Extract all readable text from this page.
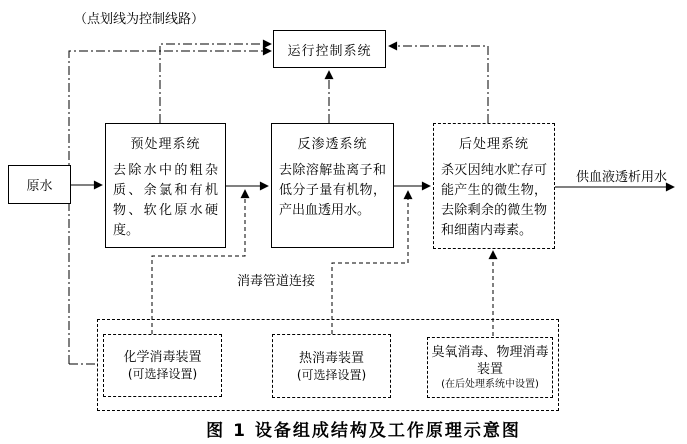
（点划线为控制线路）
运行控制系统
原水
预处理系统
去除水中的粗杂质、余氯和有机物、软化原水硬度。
反渗透系统
去除溶解盐离子和低分子量有机物，产出血透用水。
后处理系统
杀灭因纯水贮存可能产生的微生物，去除剩余的微生物和细菌内毒素。
供血液透析用水
消毒管道连接
化学消毒装置
(可选择设置)
热消毒装置
(可选择设置)
臭氧消毒、物理消毒装置
(在后处理系统中设置)
图 1 设备组成结构及工作原理示意图
